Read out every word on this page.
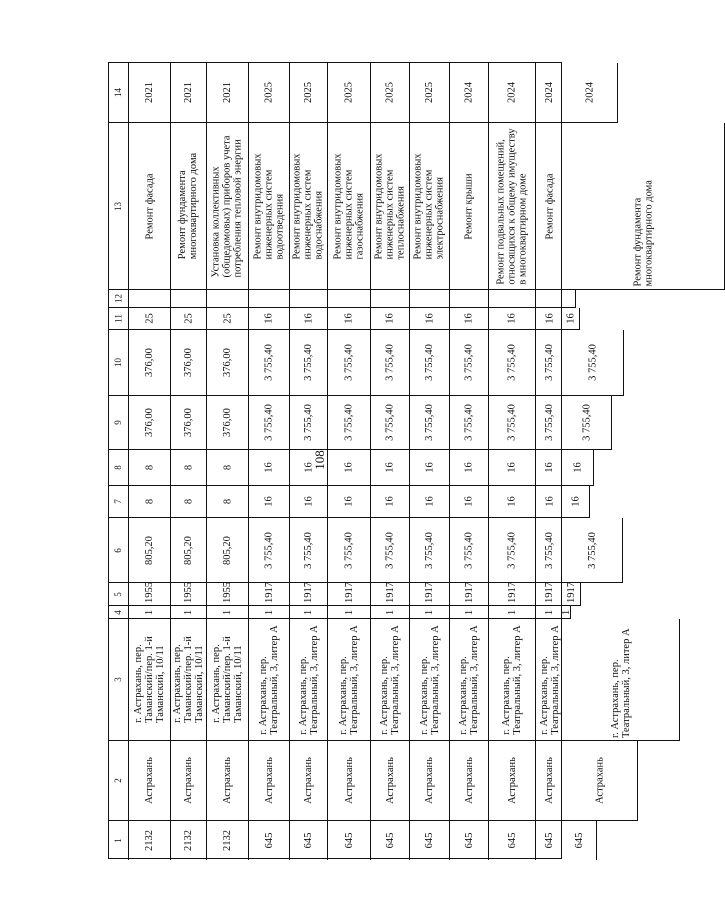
108
1
2
3
4
5
6
7
8
9
10
11
12
13
14
2132
Астрахань
г. Астрахань, пер.
Таманский/пер. 1-й
Таманский, 10/11
1
1955
805,20
8
8
376,00
376,00
25
Ремонт фасада
2021
2132
Астрахань
г. Астрахань, пер.
Таманский/пер. 1-й
Таманский, 10/11
1
1955
805,20
8
8
376,00
376,00
25
Ремонт фундамента
многоквартирного дома
2021
2132
Астрахань
г. Астрахань, пер.
Таманский/пер. 1-й
Таманский, 10/11
1
1955
805,20
8
8
376,00
376,00
25
Установка коллективных
(общедомовых) приборов учета
потребления тепловой энергии
2021
645
Астрахань
г. Астрахань, пер.
Театральный, 3, литер А
1
1917
3 755,40
16
16
3 755,40
3 755,40
16
Ремонт внутридомовых
инженерных систем
водоотведения
2025
645
Астрахань
г. Астрахань, пер.
Театральный, 3, литер А
1
1917
3 755,40
16
16
3 755,40
3 755,40
16
Ремонт внутридомовых
инженерных систем
водоснабжения
2025
645
Астрахань
г. Астрахань, пер.
Театральный, 3, литер А
1
1917
3 755,40
16
16
3 755,40
3 755,40
16
Ремонт внутридомовых
инженерных систем
газоснабжения
2025
645
Астрахань
г. Астрахань, пер.
Театральный, 3, литер А
1
1917
3 755,40
16
16
3 755,40
3 755,40
16
Ремонт внутридомовых
инженерных систем
теплоснабжения
2025
645
Астрахань
г. Астрахань, пер.
Театральный, 3, литер А
1
1917
3 755,40
16
16
3 755,40
3 755,40
16
Ремонт внутридомовых
инженерных систем
электроснабжения
2025
645
Астрахань
г. Астрахань, пер.
Театральный, 3, литер А
1
1917
3 755,40
16
16
3 755,40
3 755,40
16
Ремонт крыши
2024
645
Астрахань
г. Астрахань, пер.
Театральный, 3, литер А
1
1917
3 755,40
16
16
3 755,40
3 755,40
16
Ремонт подвальных помещений,
относящихся к общему имуществу
в многоквартирном доме
2024
645
Астрахань
г. Астрахань, пер.
Театральный, 3, литер А
1
1917
3 755,40
16
16
3 755,40
3 755,40
16
Ремонт фасада
2024
645
Астрахань
г. Астрахань, пер.
Театральный, 3, литер А
1
1917
3 755,40
16
16
3 755,40
3 755,40
16
Ремонт фундамента
многоквартирного дома
2024
